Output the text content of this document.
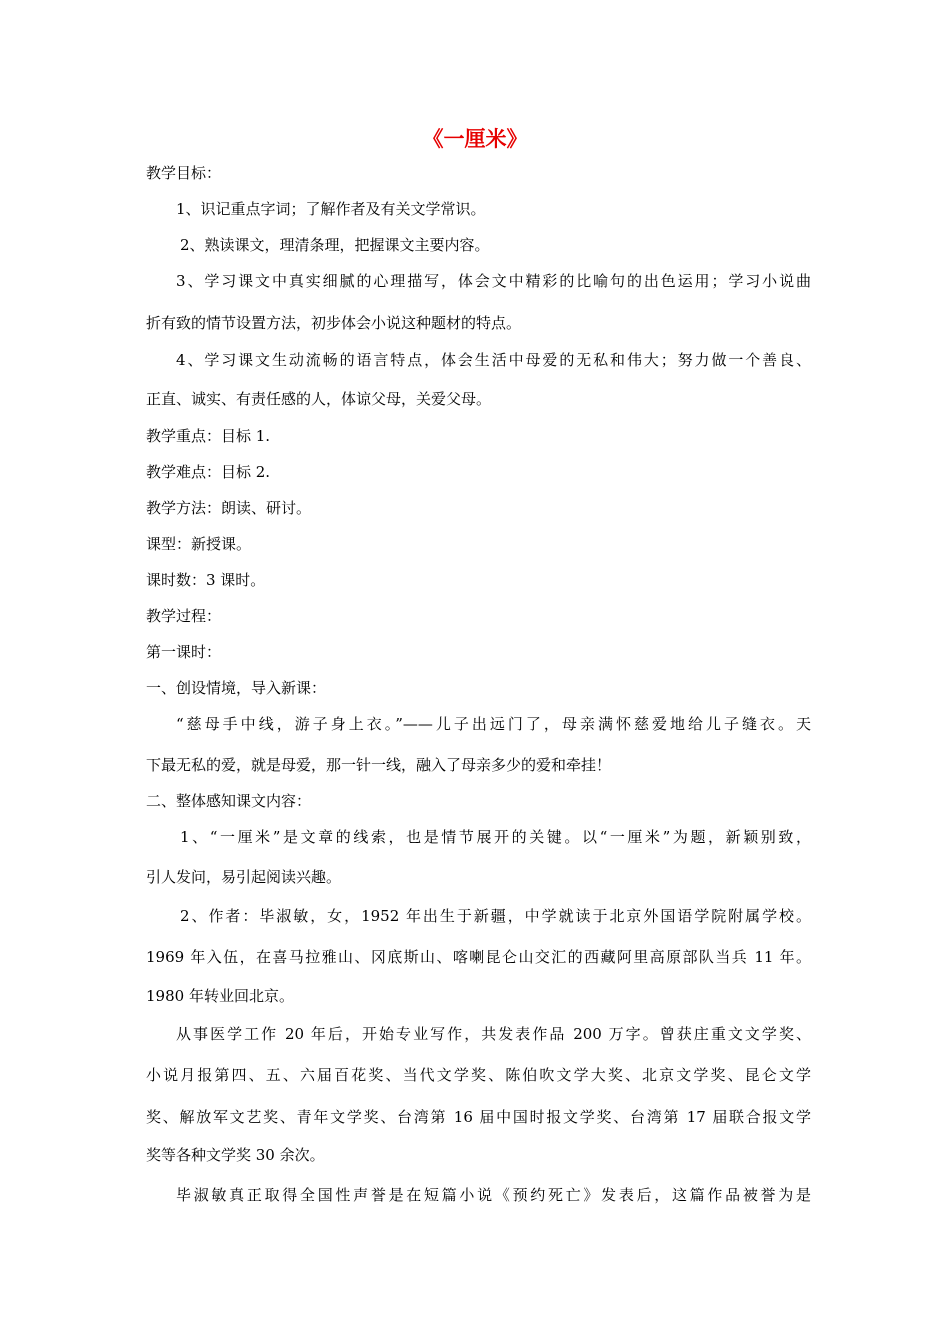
《一厘米》
教学目标：
1、识记重点字词；了解作者及有关文学常识。
2、熟读课文，理清条理，把握课文主要内容。
3、学习课文中真实细腻的心理描写，体会文中精彩的比喻句的出色运用；学习小说曲
折有致的情节设置方法，初步体会小说这种题材的特点。
4、学习课文生动流畅的语言特点，体会生活中母爱的无私和伟大；努力做一个善良、
正直、诚实、有责任感的人，体谅父母，关爱父母。
教学重点：目标 1.
教学难点：目标 2.
教学方法：朗读、研讨。
课型：新授课。
课时数：3 课时。
教学过程：
第一课时：
一、创设情境，导入新课：
“慈母手中线，游子身上衣。”——儿子出远门了，母亲满怀慈爱地给儿子缝衣。天
下最无私的爱，就是母爱，那一针一线，融入了母亲多少的爱和牵挂！
二、整体感知课文内容：
1、“一厘米”是文章的线索，也是情节展开的关键。以“一厘米”为题，新颖别致，
引人发问，易引起阅读兴趣。
2、作者：毕淑敏，女，1952 年出生于新疆，中学就读于北京外国语学院附属学校。
1969 年入伍，在喜马拉雅山、冈底斯山、喀喇昆仑山交汇的西藏阿里高原部队当兵 11 年。
1980 年转业回北京。
从事医学工作 20 年后，开始专业写作，共发表作品 200 万字。曾获庄重文文学奖、
小说月报第四、五、六届百花奖、当代文学奖、陈伯吹文学大奖、北京文学奖、昆仑文学
奖、解放军文艺奖、青年文学奖、台湾第 16 届中国时报文学奖、台湾第 17 届联合报文学
奖等各种文学奖 30 余次。
毕淑敏真正取得全国性声誉是在短篇小说《预约死亡》发表后，这篇作品被誉为是
